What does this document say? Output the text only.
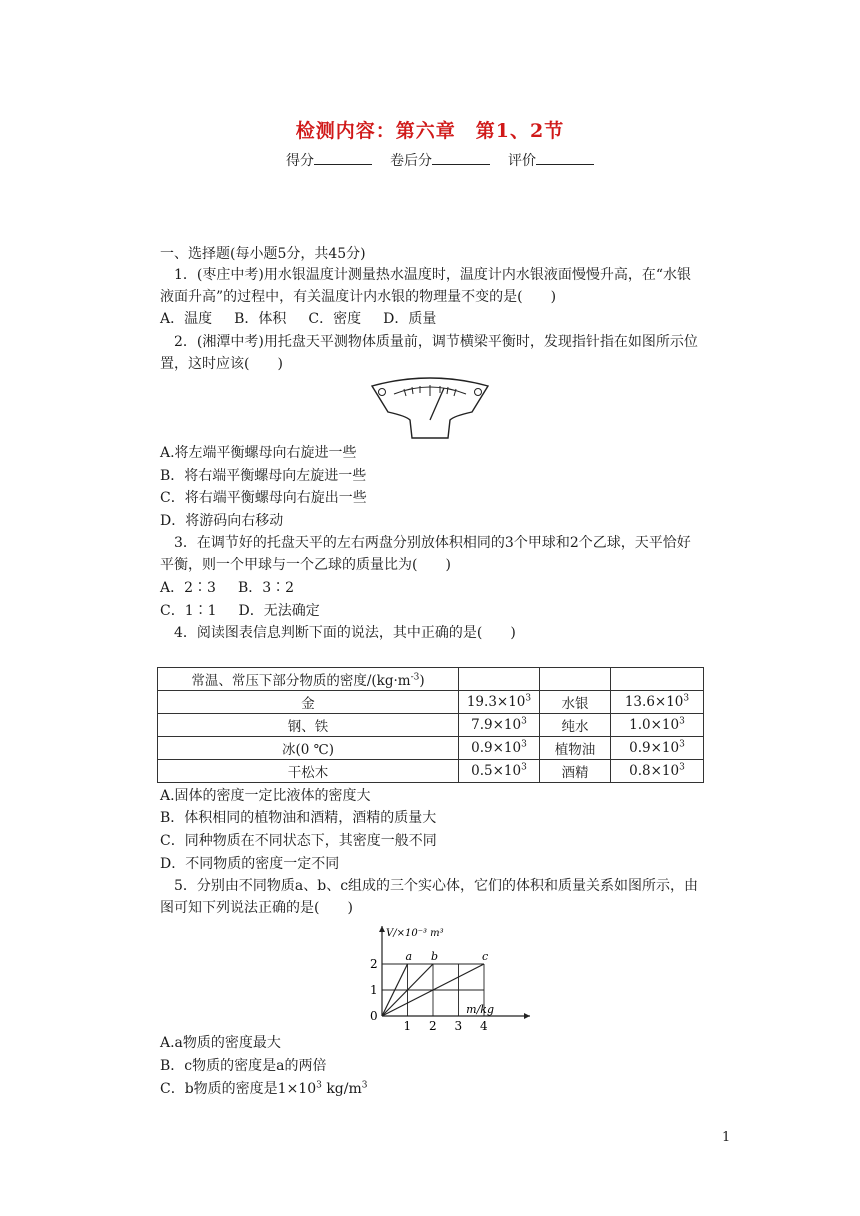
检测内容：第六章　第1、2节
得分	卷后分	评价
一、选择题(每小题5分，共45分)
1．(枣庄中考)用水银温度计测量热水温度时，温度计内水银液面慢慢升高，在“水银
液面升高”的过程中，有关温度计内水银的物理量不变的是(　　)
A．温度 B．体积 C．密度 D．质量
2．(湘潭中考)用托盘天平测物体质量前，调节横梁平衡时，发现指针指在如图所示位
置，这时应该(　　)
A.将左端平衡螺母向右旋进一些
B．将右端平衡螺母向左旋进一些
C．将右端平衡螺母向右旋出一些
D．将游码向右移动
3．在调节好的托盘天平的左右两盘分别放体积相同的3个甲球和2个乙球，天平恰好
平衡，则一个甲球与一个乙球的质量比为(　　)
A．2∶3 B．3∶2
C．1∶1 D．无法确定
4．阅读图表信息判断下面的说法，其中正确的是(　　)
常温、常压下部分物质的密度$/(kg\cdot m^{-3})$			
金	$19.3\times 10^3$	水银	$13.6\times 10^3$
钢、铁	$7.9\times 10^3$	纯水	$1.0\times 10^3$
冰(0 ℃)	$0.9\times 10^3$	植物油	$0.9\times 10^3$
干松木	$0.5\times 10^3$	酒精	$0.8\times 10^3$
A.固体的密度一定比液体的密度大
B．体积相同的植物油和酒精，酒精的质量大
C．同种物质在不同状态下，其密度一般不同
D．不同物质的密度一定不同
5．分别由不同物质a、b、c组成的三个实心体，它们的体积和质量关系如图所示，由
图可知下列说法正确的是(　　)
1 2 3 4
1
2
0	m/kg
V/×10⁻³ m³
a b	c
A.a物质的密度最大
B．c物质的密度是a的两倍
C．b物质的密度是$1\times 10^3$ $kg/m^3$
1
